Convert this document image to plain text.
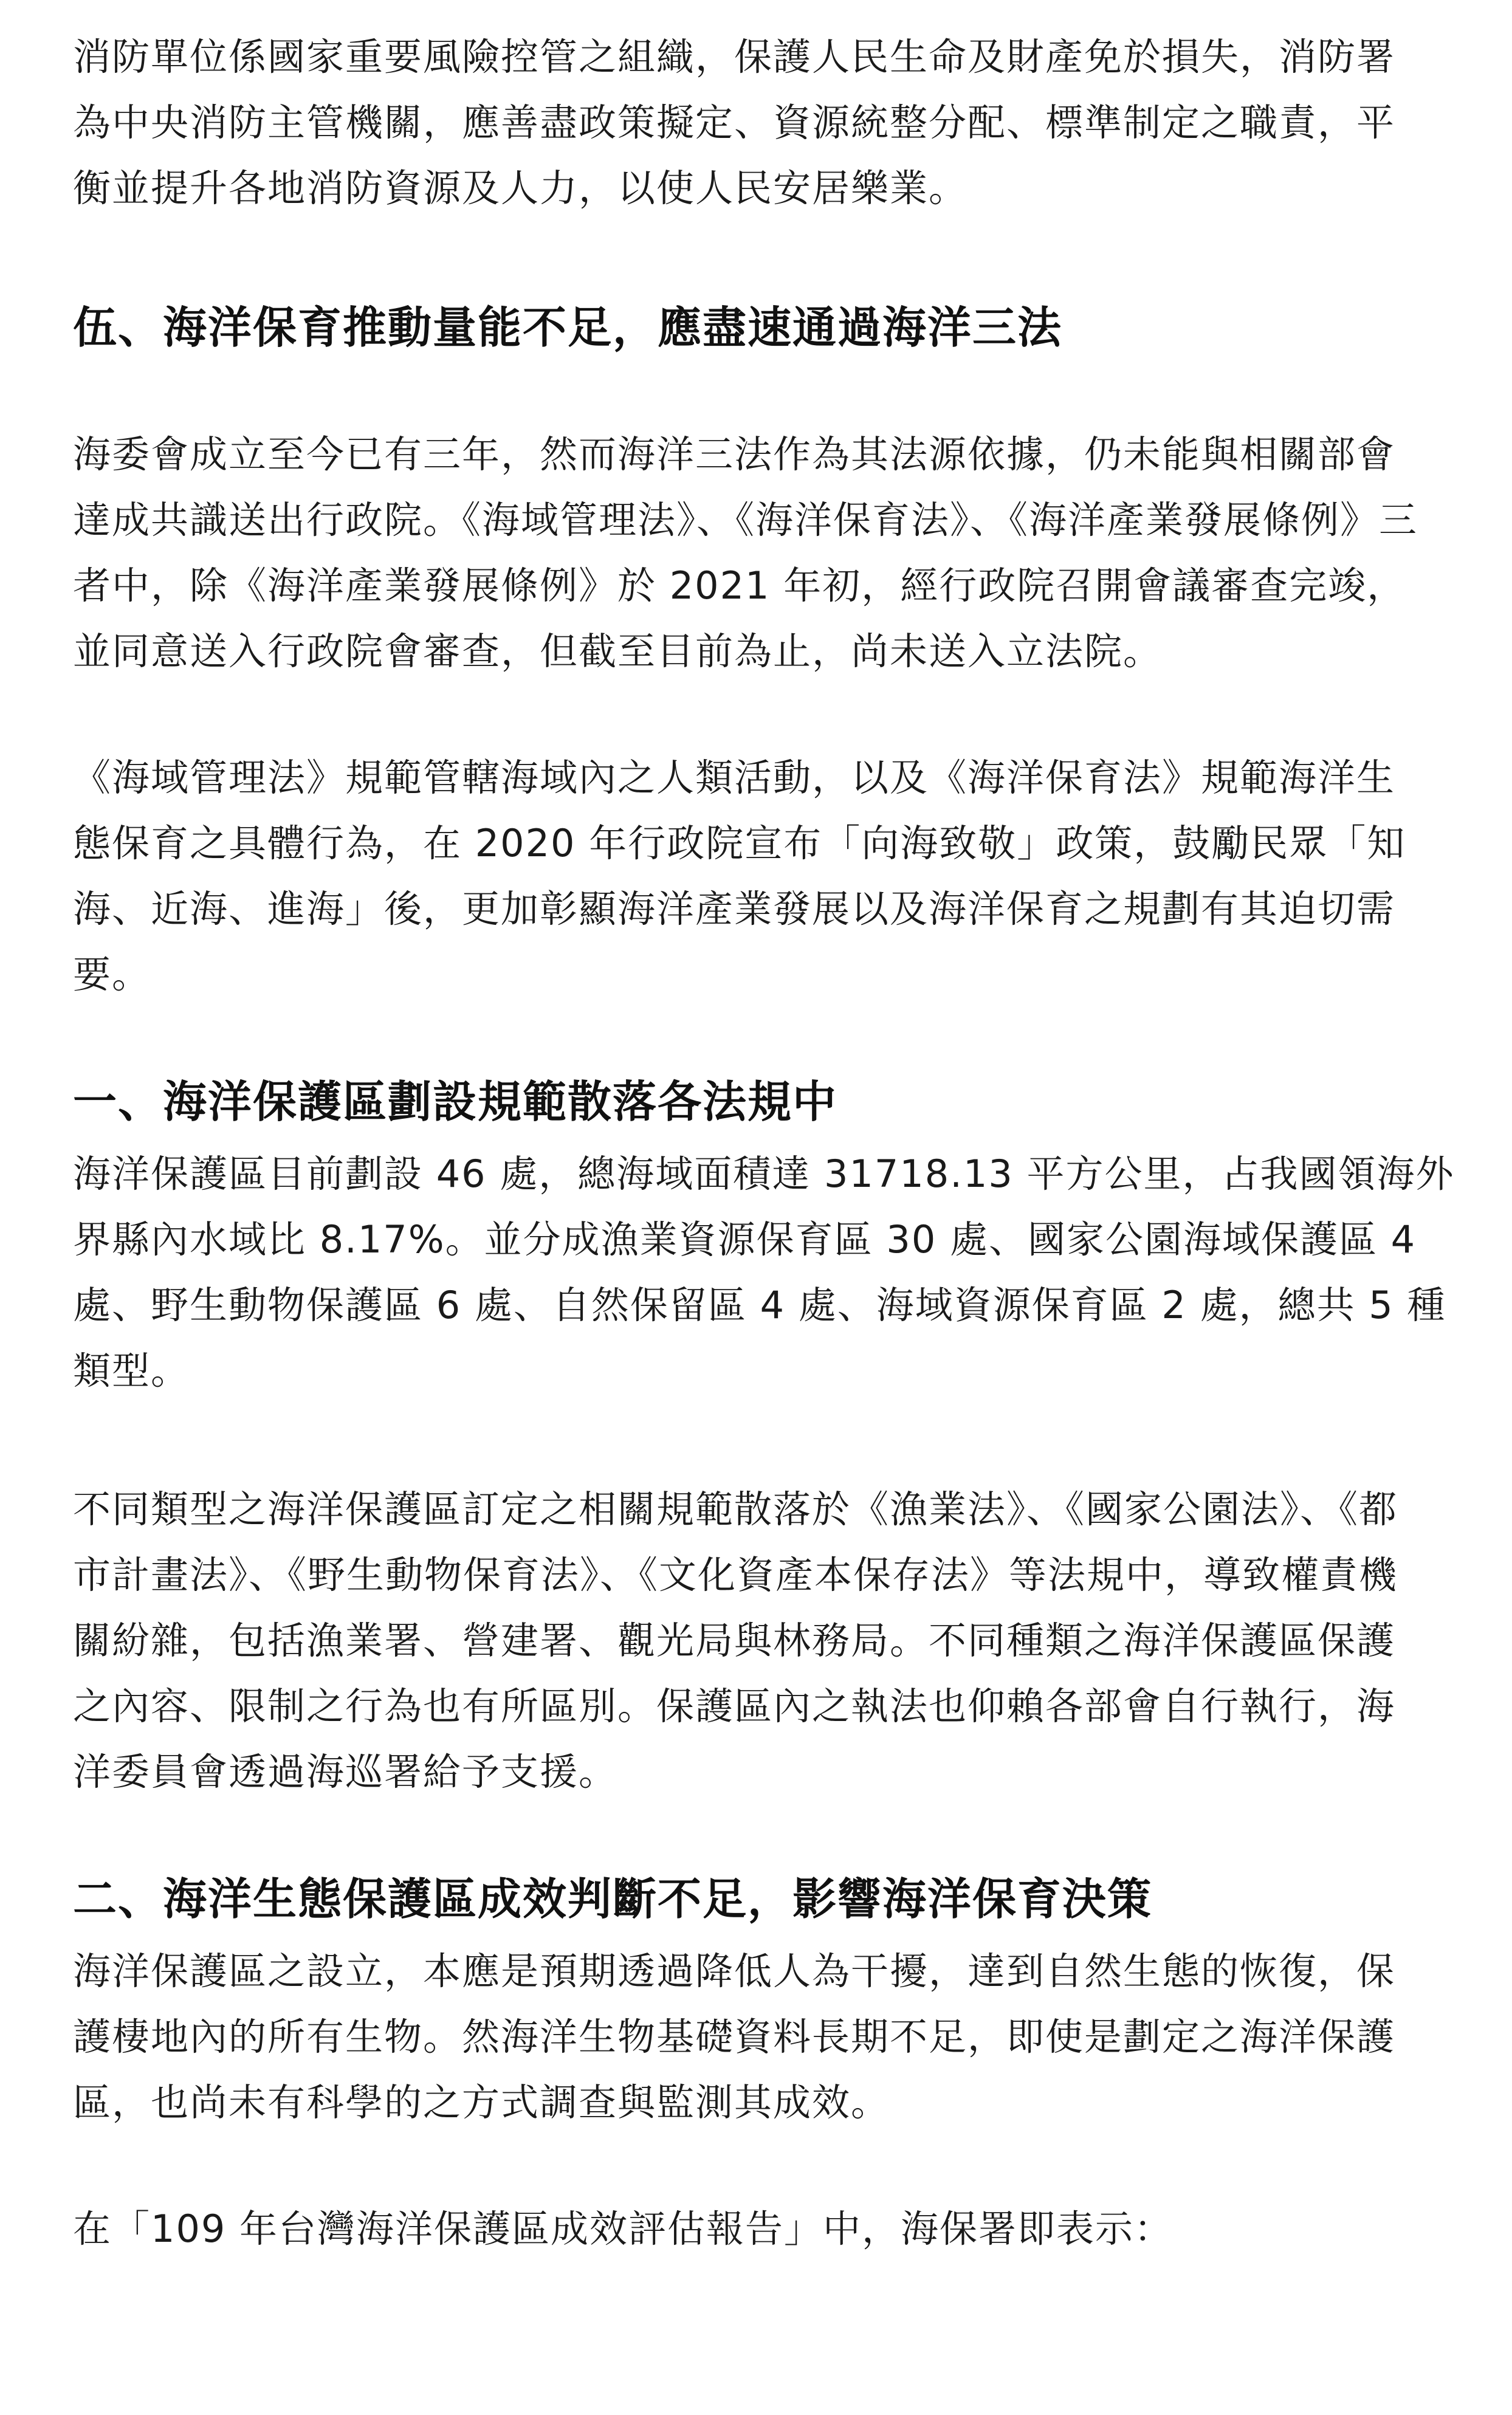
消防單位係國家重要風險控管之組織，保護人民生命及財產免於損失，消防署
為中央消防主管機關，應善盡政策擬定、資源統整分配、標準制定之職責，平
衡並提升各地消防資源及人力，以使人民安居樂業。

伍、海洋保育推動量能不足，應盡速通過海洋三法

海委會成立至今已有三年，然而海洋三法作為其法源依據，仍未能與相關部會
達成共識送出行政院。《海域管理法》、《海洋保育法》、《海洋產業發展條例》三
者中，除《海洋產業發展條例》於 2021 年初，經行政院召開會議審查完竣，
並同意送入行政院會審查，但截至目前為止，尚未送入立法院。

《海域管理法》規範管轄海域內之人類活動，以及《海洋保育法》規範海洋生
態保育之具體行為，在 2020 年行政院宣布「向海致敬」政策，鼓勵民眾「知
海、近海、進海」後，更加彰顯海洋產業發展以及海洋保育之規劃有其迫切需
要。

一、海洋保護區劃設規範散落各法規中

海洋保護區目前劃設 46 處，總海域面積達 31718.13 平方公里，占我國領海外
界縣內水域比 8.17%。並分成漁業資源保育區 30 處、國家公園海域保護區 4
處、野生動物保護區 6 處、自然保留區 4 處、海域資源保育區 2 處，總共 5 種
類型。

不同類型之海洋保護區訂定之相關規範散落於《漁業法》、《國家公園法》、《都
市計畫法》、《野生動物保育法》、《文化資產本保存法》等法規中，導致權責機
關紛雜，包括漁業署、營建署、觀光局與林務局。不同種類之海洋保護區保護
之內容、限制之行為也有所區別。保護區內之執法也仰賴各部會自行執行，海
洋委員會透過海巡署給予支援。

二、海洋生態保護區成效判斷不足，影響海洋保育決策

海洋保護區之設立，本應是預期透過降低人為干擾，達到自然生態的恢復，保
護棲地內的所有生物。然海洋生物基礎資料長期不足，即使是劃定之海洋保護
區，也尚未有科學的之方式調查與監測其成效。

在「109 年台灣海洋保護區成效評估報告」中，海保署即表示：
